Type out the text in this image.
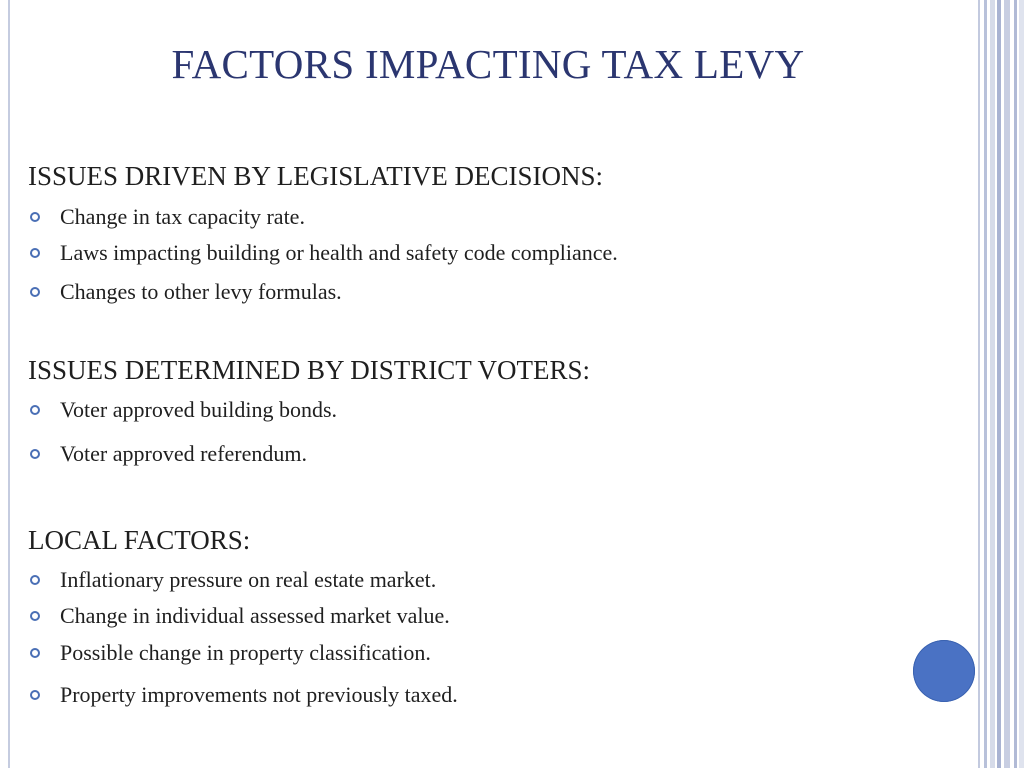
FACTORS IMPACTING TAX LEVY
ISSUES DRIVEN BY LEGISLATIVE DECISIONS:
Change in tax capacity rate.
Laws impacting building or health and safety code compliance.
Changes to other levy formulas.
ISSUES DETERMINED BY DISTRICT VOTERS:
Voter approved building bonds.
Voter approved referendum.
LOCAL FACTORS:
Inflationary pressure on real estate market.
Change in individual assessed market value.
Possible change in property classification.
Property improvements not previously taxed.
